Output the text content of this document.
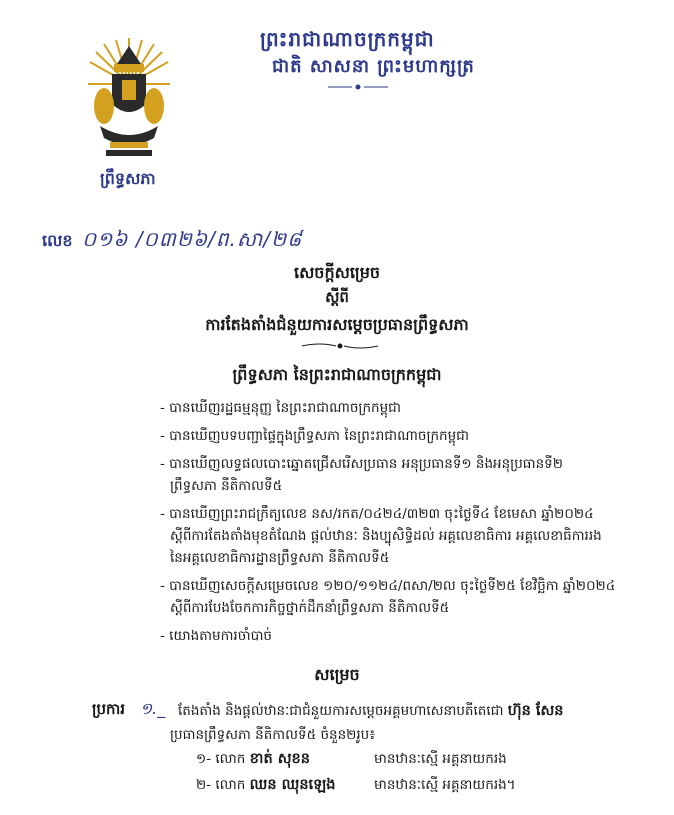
ព្រះរាជាណាចក្រកម្ពុជា
ជាតិ សាសនា ព្រះមហាក្សត្រ
ព្រឹទ្ធសភា
លេខ ០១៦ /០៣២៦/ព.សា/២៨
សេចក្ដីសម្រេច
ស្ដីពី
ការតែងតាំងជំនួយការសម្ដេចប្រធានព្រឹទ្ធសភា
ព្រឹទ្ធសភា នៃព្រះរាជាណាចក្រកម្ពុជា
- បានឃើញរដ្ឋធម្មនុញ្ញ នៃព្រះរាជាណាចក្រកម្ពុជា
- បានឃើញបទបញ្ជាផ្ទៃក្នុងព្រឹទ្ធសភា នៃព្រះរាជាណាចក្រកម្ពុជា
- បានឃើញលទ្ធផលបោះឆ្នោតជ្រើសរើសប្រធាន អនុប្រធានទី១ និងអនុប្រធានទី២
ព្រឹទ្ធសភា នីតិកាលទី៥
- បានឃើញព្រះរាជក្រឹត្យលេខ នស/រកត/០៤២៤/៣២៣ ចុះថ្ងៃទី៤ ខែមេសា ឆ្នាំ២០២៤
ស្ដីពីការតែងតាំងមុខតំណែង ផ្ដល់ឋានៈ និងប្បុសិទ្ធិដល់ អគ្គលេខាធិការ អគ្គលេខាធិការរង
នៃអគ្គលេខាធិការដ្ឋានព្រឹទ្ធសភា នីតិកាលទី៥
- បានឃើញសេចក្ដីសម្រេចលេខ ១២០/១១២៤/ពសា/២ល ចុះថ្ងៃទី២៥ ខែវិច្ឆិកា ឆ្នាំ២០២៤
ស្ដីពីការបែងចែកការកិច្ចថ្នាក់ដឹកនាំព្រឹទ្ធសភា នីតិកាលទី៥
- យោងតាមការចាំបាច់
សម្រេច
ប្រការ ១._ តែងតាំង និងផ្ដល់ឋានៈជាជំនួយការសម្ដេចអគ្គមហាសេនាបតីតេជោ ហ៊ុន សែន
ប្រធានព្រឹទ្ធសភា នីតិកាលទី៥ ចំនួន២រូប៖
១- លោក ខាត់ សុខន	មានឋានៈស្មើ អគ្គនាយករង
២- លោក ឈន ឈុនឡេង	មានឋានៈស្មើ អគ្គនាយករង។
